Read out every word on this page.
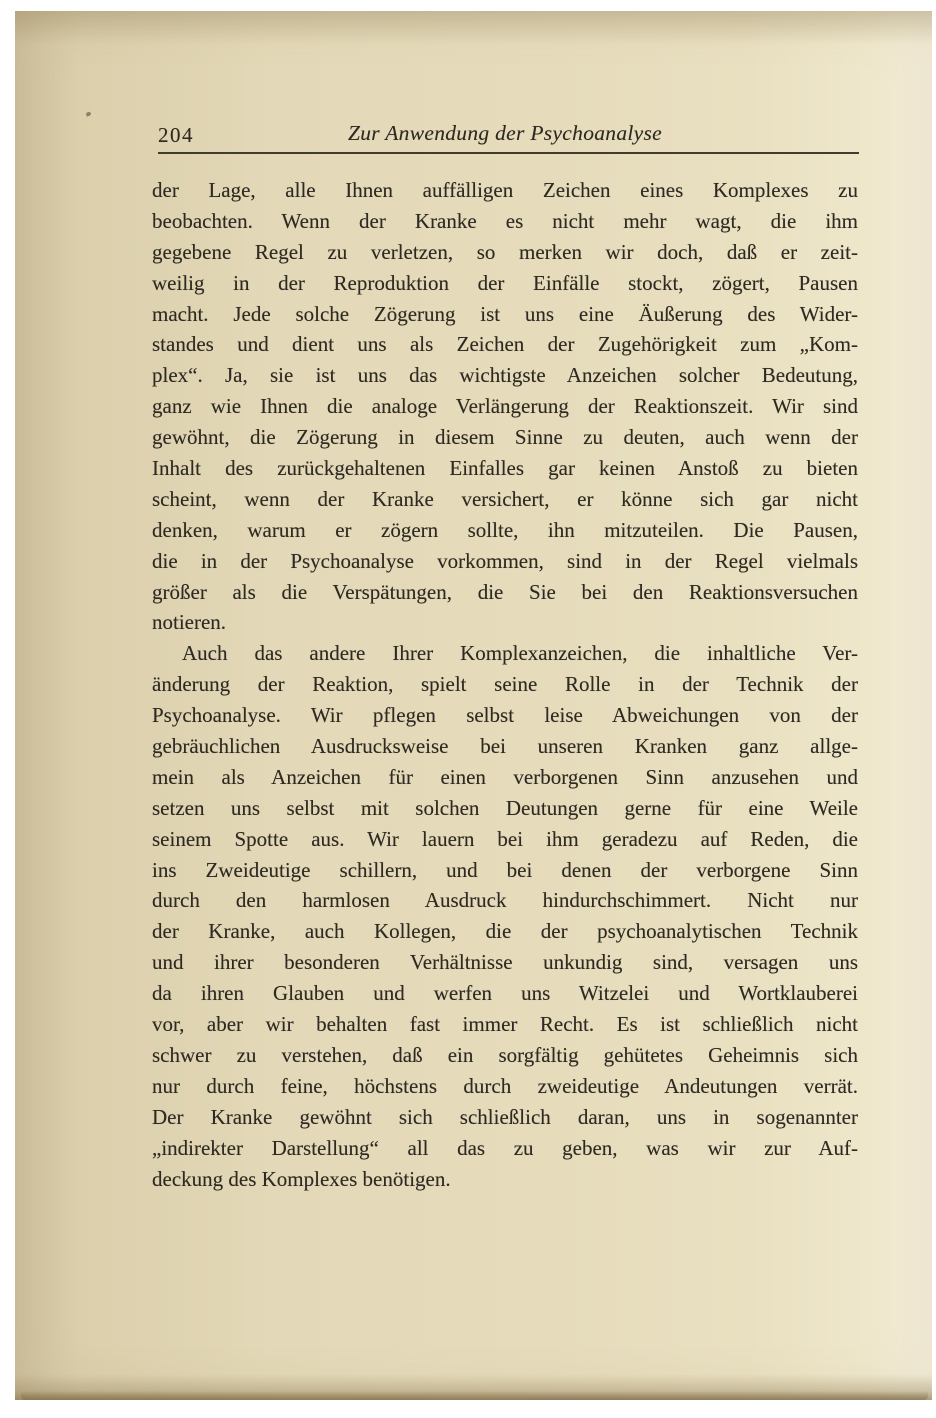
204	Zur Anwendung der Psychoanalyse
der Lage, alle Ihnen auffälligen Zeichen eines Komplexes zu
beobachten. Wenn der Kranke es nicht mehr wagt, die ihm
gegebene Regel zu verletzen, so merken wir doch, daß er zeit-
weilig in der Reproduktion der Einfälle stockt, zögert, Pausen
macht. Jede solche Zögerung ist uns eine Äußerung des Wider-
standes und dient uns als Zeichen der Zugehörigkeit zum „Kom-
plex“. Ja, sie ist uns das wichtigste Anzeichen solcher Bedeutung,
ganz wie Ihnen die analoge Verlängerung der Reaktionszeit. Wir sind
gewöhnt, die Zögerung in diesem Sinne zu deuten, auch wenn der
Inhalt des zurückgehaltenen Einfalles gar keinen Anstoß zu bieten
scheint, wenn der Kranke versichert, er könne sich gar nicht
denken, warum er zögern sollte, ihn mitzuteilen. Die Pausen,
die in der Psychoanalyse vorkommen, sind in der Regel vielmals
größer als die Verspätungen, die Sie bei den Reaktionsversuchen
notieren.
Auch das andere Ihrer Komplexanzeichen, die inhaltliche Ver-
änderung der Reaktion, spielt seine Rolle in der Technik der
Psychoanalyse. Wir pflegen selbst leise Abweichungen von der
gebräuchlichen Ausdrucksweise bei unseren Kranken ganz allge-
mein als Anzeichen für einen verborgenen Sinn anzusehen und
setzen uns selbst mit solchen Deutungen gerne für eine Weile
seinem Spotte aus. Wir lauern bei ihm geradezu auf Reden, die
ins Zweideutige schillern, und bei denen der verborgene Sinn
durch den harmlosen Ausdruck hindurchschimmert. Nicht nur
der Kranke, auch Kollegen, die der psychoanalytischen Technik
und ihrer besonderen Verhältnisse unkundig sind, versagen uns
da ihren Glauben und werfen uns Witzelei und Wortklauberei
vor, aber wir behalten fast immer Recht. Es ist schließlich nicht
schwer zu verstehen, daß ein sorgfältig gehütetes Geheimnis sich
nur durch feine, höchstens durch zweideutige Andeutungen verrät.
Der Kranke gewöhnt sich schließlich daran, uns in sogenannter
„indirekter Darstellung“ all das zu geben, was wir zur Auf-
deckung des Komplexes benötigen.
